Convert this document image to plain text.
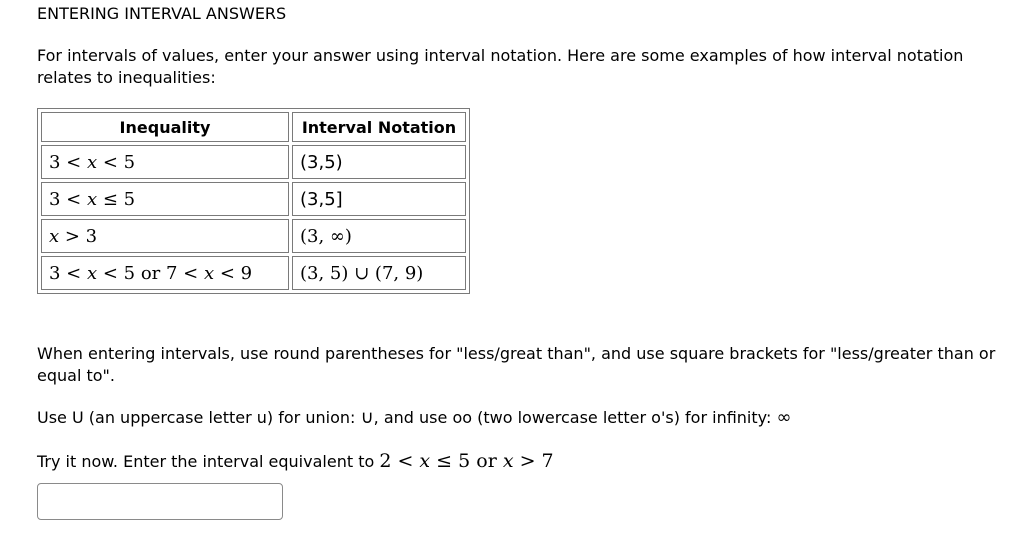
ENTERING INTERVAL ANSWERS
For intervals of values, enter your answer using interval notation. Here are some examples of how interval notation relates to inequalities:
Inequality	Interval Notation
3 < 𝑥 < 5	(3,5)
3 < 𝑥 ≤ 5	(3,5]
𝑥 > 3	(3, ∞)
3 < 𝑥 < 5 or 7 < 𝑥 < 9	(3, 5) ∪ (7, 9)
When entering intervals, use round parentheses for "less/great than", and use square brackets for "less/greater than or equal to".
Use U (an uppercase letter u) for union: ∪, and use oo (two lowercase letter o's) for infinity: ∞
Try it now. Enter the interval equivalent to 2 < 𝑥 ≤ 5 or 𝑥 > 7
